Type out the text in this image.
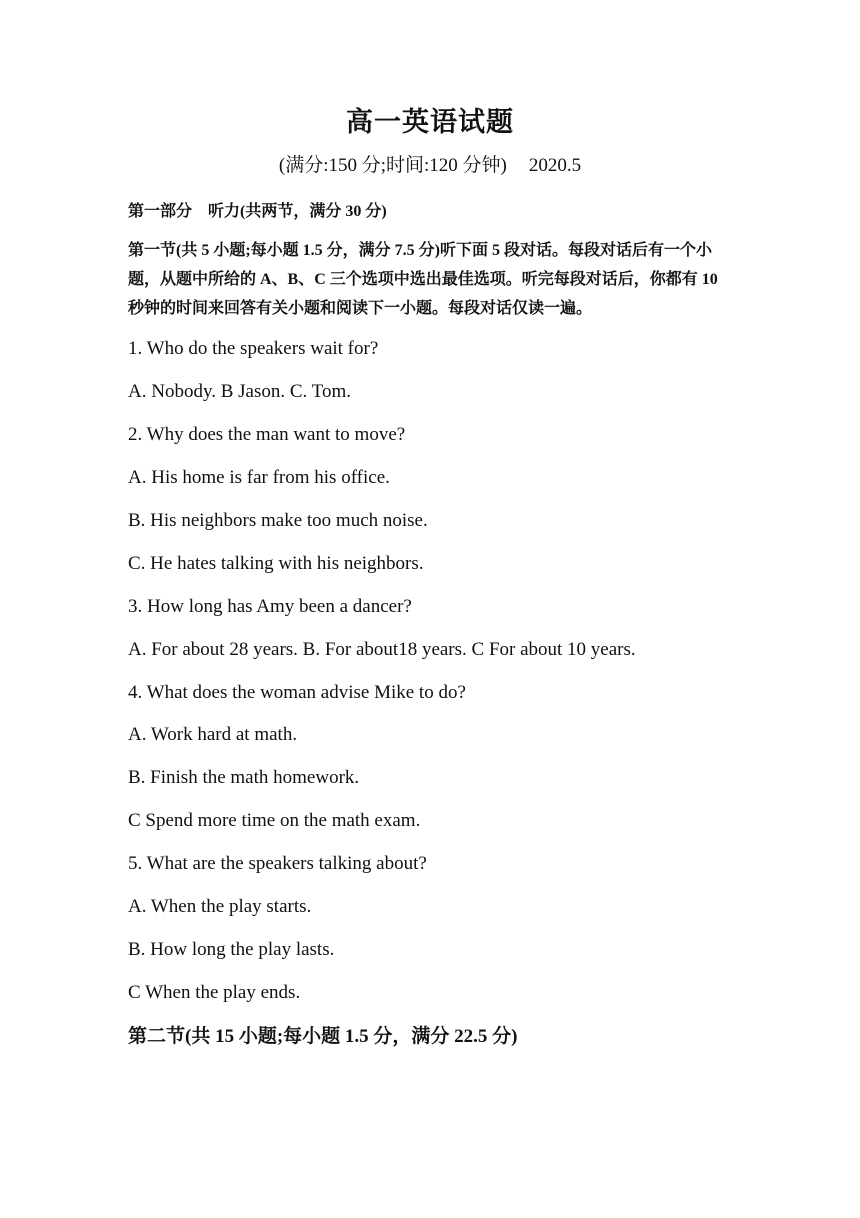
高一英语试题
(满分:150 分;时间:120 分钟) 2020.5
第一部分 听力(共两节，满分 30 分)
第一节(共 5 小题;每小题 1.5 分，满分 7.5 分)听下面 5 段对话。每段对话后有一个小题，从题中所给的 A、B、C 三个选项中选出最佳选项。听完每段对话后，你都有 10 秒钟的时间来回答有关小题和阅读下一小题。每段对话仅读一遍。
1. Who do the speakers wait for?
A. Nobody. B Jason. C. Tom.
2. Why does the man want to move?
A. His home is far from his office.
B. His neighbors make too much noise.
C. He hates talking with his neighbors.
3. How long has Amy been a dancer?
A. For about 28 years. B. For about18 years. C For about 10 years.
4. What does the woman advise Mike to do?
A. Work hard at math.
B. Finish the math homework.
C Spend more time on the math exam.
5. What are the speakers talking about?
A. When the play starts.
B. How long the play lasts.
C When the play ends.
第二节(共 15 小题;每小题 1.5 分，满分 22.5 分)
